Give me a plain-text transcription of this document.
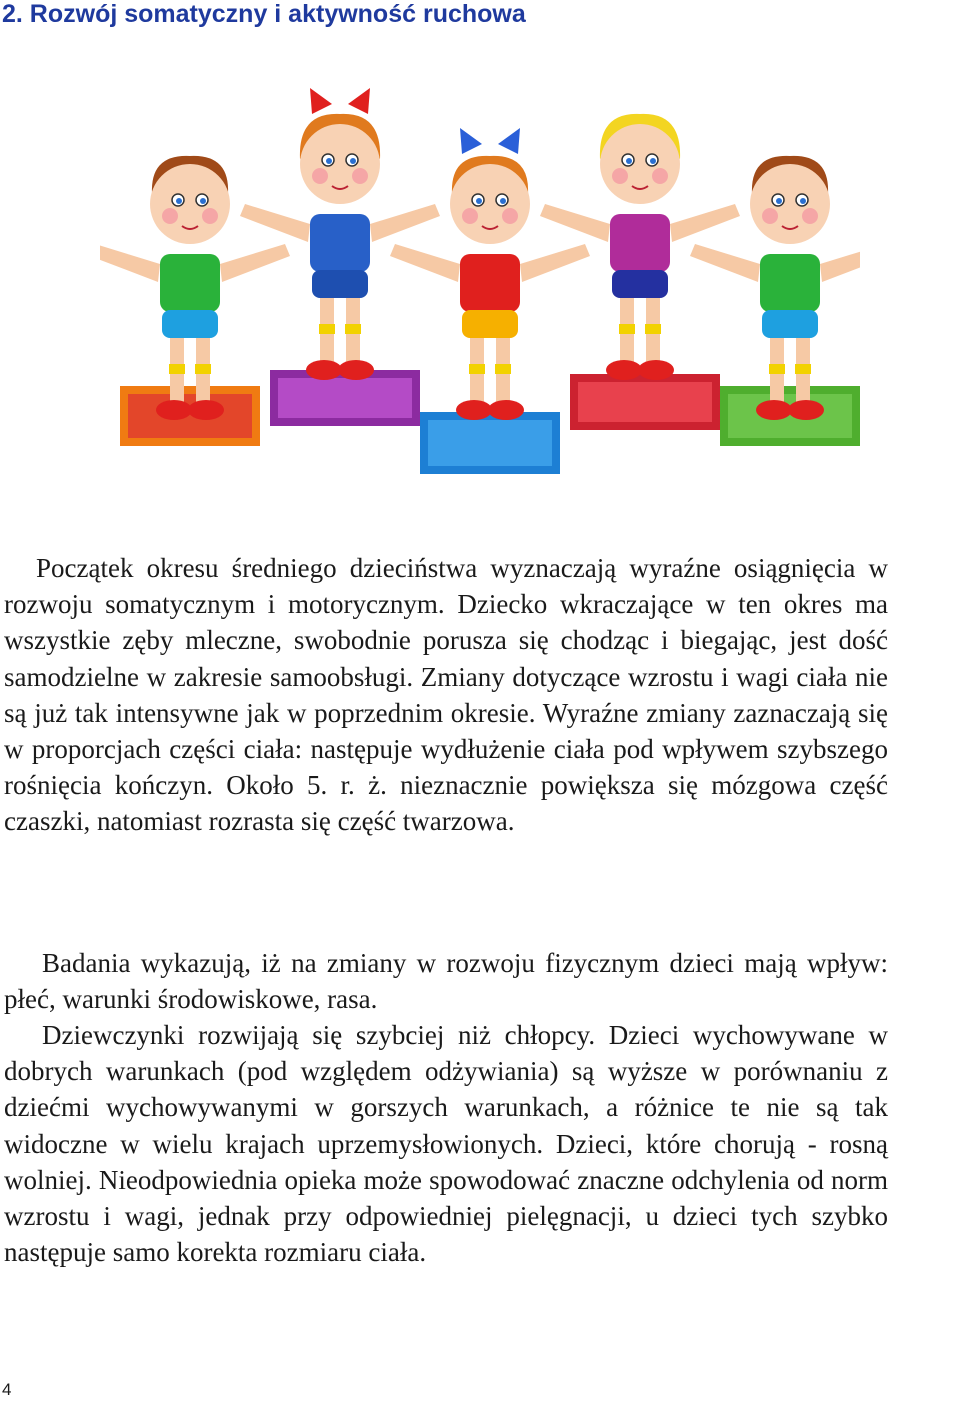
2. Rozwój somatyczny i aktywność ruchowa

Początek okresu średniego dzieciństwa wyznaczają wyraźne osiągnięcia w rozwoju somatycznym i motorycznym. Dziecko wkraczające w ten okres ma wszystkie zęby mleczne, swobodnie porusza się chodząc i biegając, jest dość samodzielne w zakresie samoobsługi. Zmiany dotyczące wzrostu i wagi ciała nie są już tak intensywne jak w poprzednim okresie. Wyraźne zmiany zaznaczają się w proporcjach części ciała: następuje wydłużenie ciała pod wpływem szybszego rośnięcia kończyn. Około 5. r. ż. nieznacznie powiększa się mózgowa część czaszki, natomiast rozrasta się część twarzowa.

Badania wykazują, iż na zmiany w rozwoju fizycznym dzieci mają wpływ: płeć, warunki środowiskowe, rasa.

Dziewczynki rozwijają się szybciej niż chłopcy. Dzieci wychowywane w dobrych warunkach (pod względem odżywiania) są wyższe w porównaniu z dziećmi wychowywanymi w gorszych warunkach, a różnice te nie są tak widoczne w wielu krajach uprzemysłowionych. Dzieci, które chorują - rosną wolniej. Nieodpowiednia opieka może spowodować znaczne odchylenia od norm wzrostu i wagi, jednak przy odpowiedniej pielęgnacji, u dzieci tych szybko następuje samo korekta rozmiaru ciała.

4
